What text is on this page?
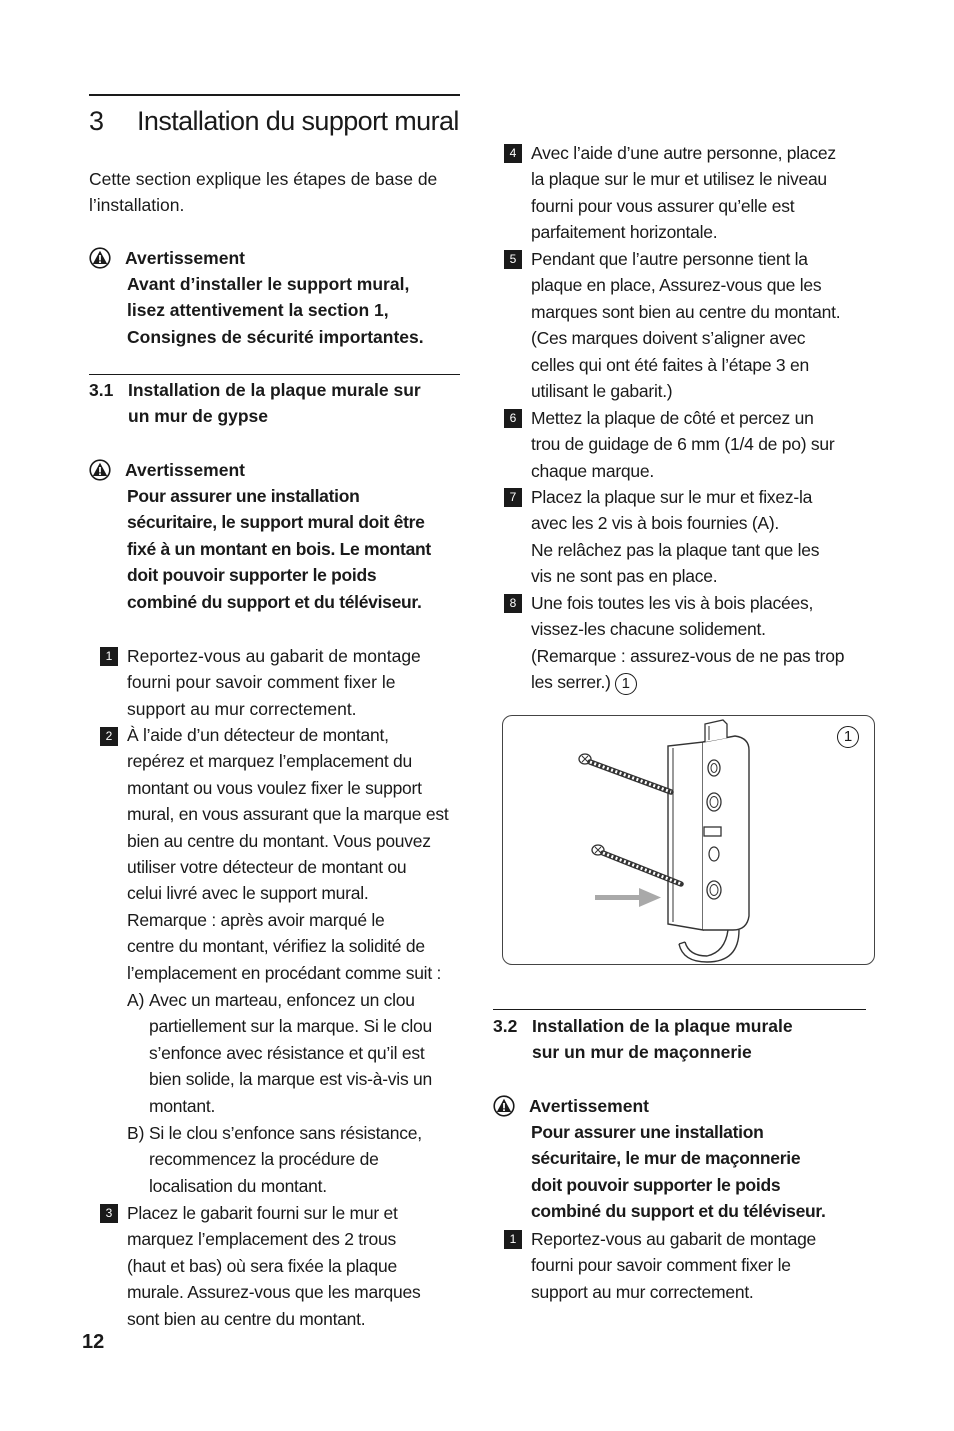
3 Installation du support mural
Cette section explique les étapes de base de
l’installation.
Avertissement
Avant d’installer le support mural,
lisez attentivement la section 1,
Consignes de sécurité importantes.
3.1 Installation de la plaque murale sur
un mur de gypse
Avertissement
Pour assurer une installation
sécuritaire, le support mural doit être
fixé à un montant en bois. Le montant
doit pouvoir supporter le poids
combiné du support et du téléviseur.
1 Reportez-vous au gabarit de montage
fourni pour savoir comment fixer le
support au mur correctement.
2 À l’aide d’un détecteur de montant,
repérez et marquez l’emplacement du
montant ou vous voulez fixer le support
mural, en vous assurant que la marque est
bien au centre du montant. Vous pouvez
utiliser votre détecteur de montant ou
celui livré avec le support mural.
Remarque : après avoir marqué le
centre du montant, vérifiez la solidité de
l’emplacement en procédant comme suit :
A) Avec un marteau, enfoncez un clou
partiellement sur la marque. Si le clou
s’enfonce avec résistance et qu’il est
bien solide, la marque est vis-à-vis un
montant.
B) Si le clou s’enfonce sans résistance,
recommencez la procédure de
localisation du montant.
3 Placez le gabarit fourni sur le mur et
marquez l’emplacement des 2 trous
(haut et bas) où sera fixée la plaque
murale. Assurez-vous que les marques
sont bien au centre du montant.
12
4 Avec l’aide d’une autre personne, placez
la plaque sur le mur et utilisez le niveau
fourni pour vous assurer qu’elle est
parfaitement horizontale.
5 Pendant que l’autre personne tient la
plaque en place, Assurez-vous que les
marques sont bien au centre du montant.
(Ces marques doivent s’aligner avec
celles qui ont été faites à l’étape 3 en
utilisant le gabarit.)
6 Mettez la plaque de côté et percez un
trou de guidage de 6 mm (1/4 de po) sur
chaque marque.
7 Placez la plaque sur le mur et fixez-la
avec les 2 vis à bois fournies (A).
Ne relâchez pas la plaque tant que les
vis ne sont pas en place.
8 Une fois toutes les vis à bois placées,
vissez-les chacune solidement.
(Remarque : assurez-vous de ne pas trop
les serrer.) 1
1
3.2 Installation de la plaque murale
sur un mur de maçonnerie
Avertissement
Pour assurer une installation
sécuritaire, le mur de maçonnerie
doit pouvoir supporter le poids
combiné du support et du téléviseur.
1 Reportez-vous au gabarit de montage
fourni pour savoir comment fixer le
support au mur correctement.
